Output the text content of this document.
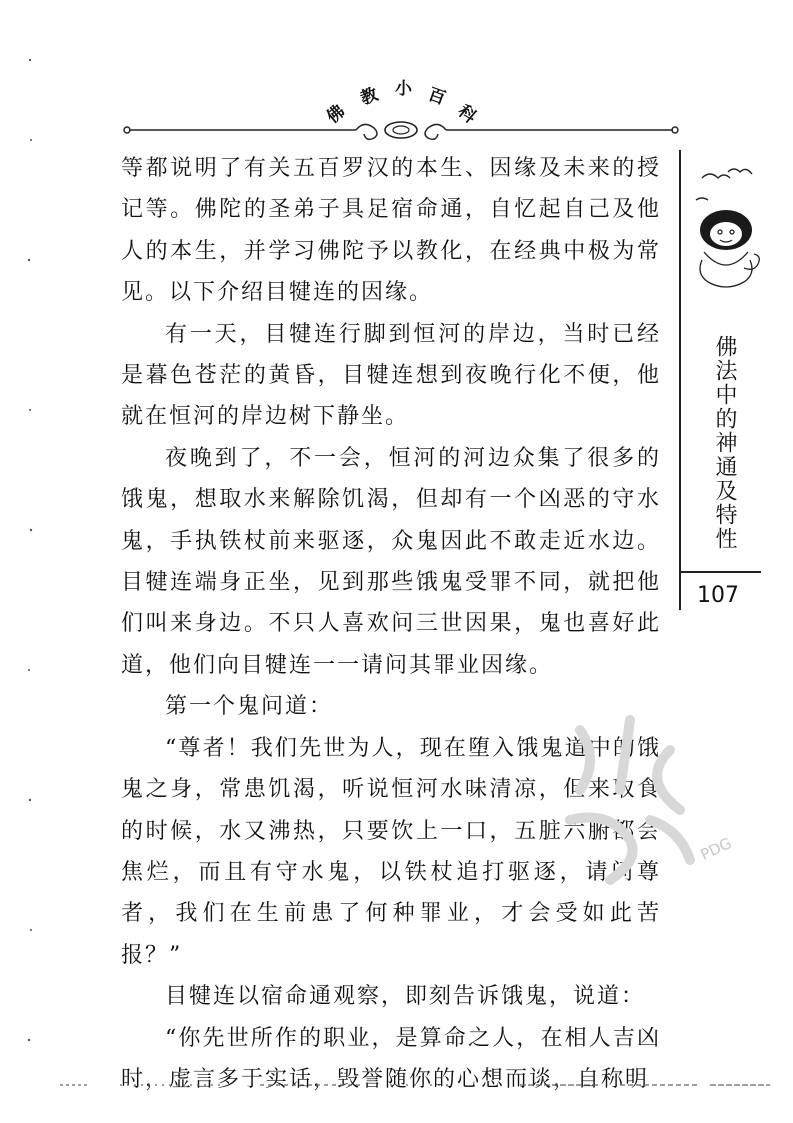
佛
教 小 百
科

等都说明了有关五百罗汉的本生、因缘及未来的授记等。佛陀的圣弟子具足宿命通，自忆起自己及他人的本生，并学习佛陀予以教化，在经典中极为常见。以下介绍目犍连的因缘。

有一天，目犍连行脚到恒河的岸边，当时已经是暮色苍茫的黄昏，目犍连想到夜晚行化不便，他就在恒河的岸边树下静坐。

夜晚到了，不一会，恒河的河边众集了很多的饿鬼，想取水来解除饥渴，但却有一个凶恶的守水鬼，手执铁杖前来驱逐，众鬼因此不敢走近水边。目犍连端身正坐，见到那些饿鬼受罪不同，就把他们叫来身边。不只人喜欢问三世因果，鬼也喜好此道，他们向目犍连一一请问其罪业因缘。

第一个鬼问道：

“尊者！我们先世为人，现在堕入饿鬼道中的饿鬼之身，常患饥渴，听说恒河水味清凉，但来取食的时候，水又沸热，只要饮上一口，五脏六腑都会焦烂，而且有守水鬼，以铁杖追打驱逐，请问尊者，我们在生前患了何种罪业，才会受如此苦报？”

目犍连以宿命通观察，即刻告诉饿鬼，说道：

“你先世所作的职业，是算命之人，在相人吉凶时，虚言多于实话，毁誉随你的心想而谈，自称明

佛法中的神通及特性
107
PDG
